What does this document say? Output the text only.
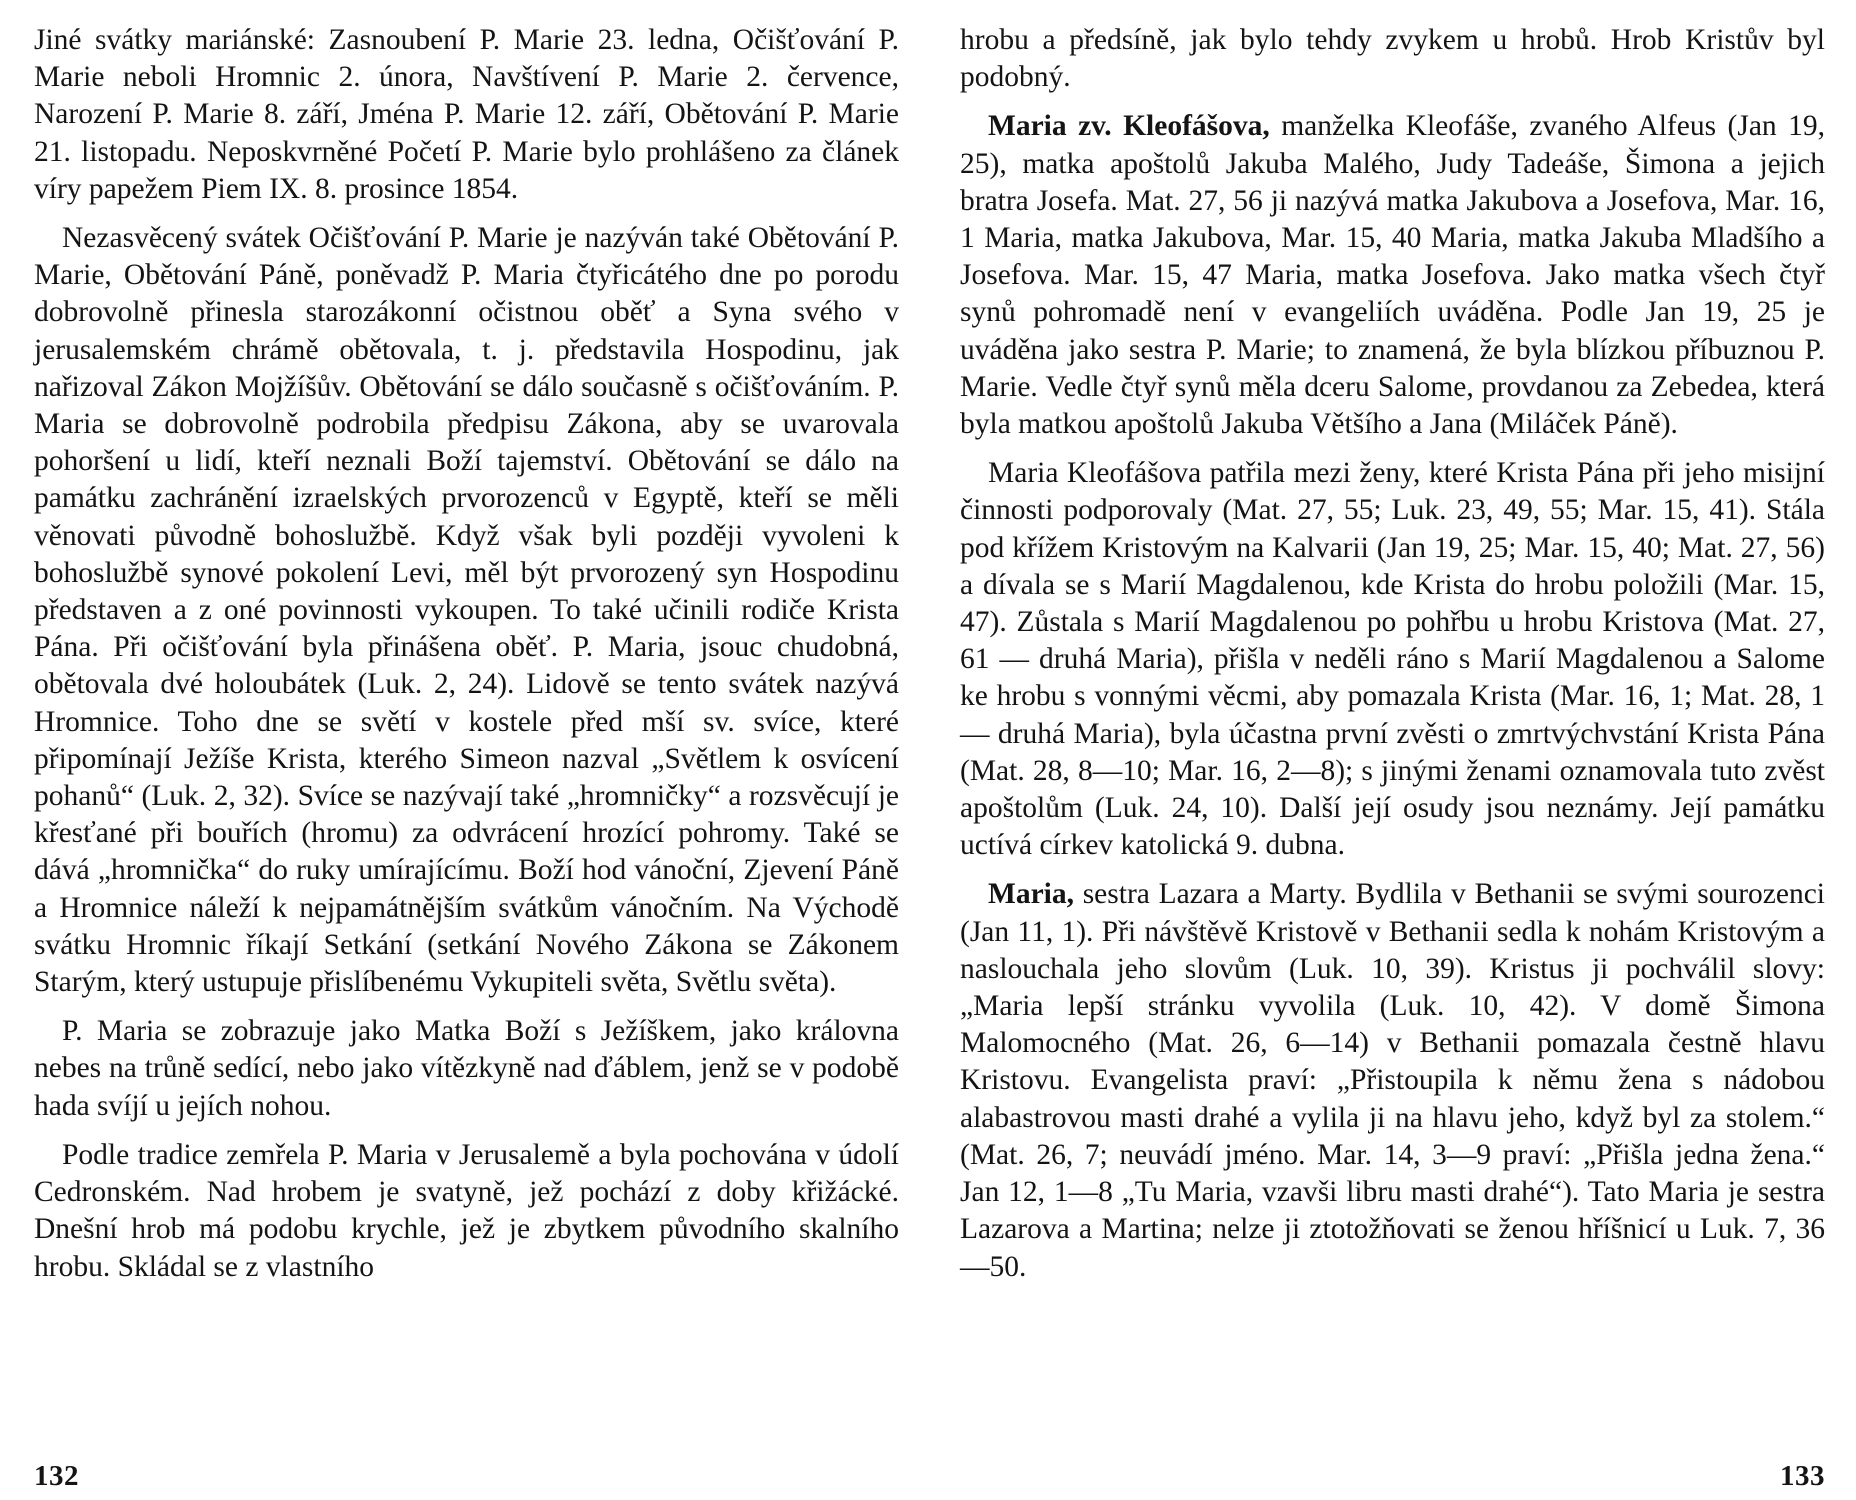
Jiné svátky mariánské: Zasnoubení P. Marie 23. ledna, Očišťování P. Marie neboli Hromnic 2. února, Navštívení P. Marie 2. července, Narození P. Marie 8. září, Jména P. Marie 12. září, Obětování P. Marie 21. listopadu. Neposkvrněné Početí P. Marie bylo prohlášeno za článek víry papežem Piem IX. 8. prosince 1854.

Nezasvěcený svátek Očišťování P. Marie je nazýván také Obětování P. Marie, Obětování Páně, poněvadž P. Maria čtyřicátého dne po porodu dobrovolně přinesla starozákonní očistnou oběť a Syna svého v jerusalemském chrámě obětovala, t. j. představila Hospodinu, jak nařizoval Zákon Mojžíšův. Obětování se dálo současně s očišťováním. P. Maria se dobrovolně podrobila předpisu Zákona, aby se uvarovala pohoršení u lidí, kteří neznali Boží tajemství. Obětování se dálo na památku zachránění izraelských prvorozenců v Egyptě, kteří se měli věnovati původně bohoslužbě. Když však byli později vyvoleni k bohoslužbě synové pokolení Levi, měl být prvorozený syn Hospodinu představen a z oné povinnosti vykoupen. To také učinili rodiče Krista Pána. Při očišťování byla přinášena oběť. P. Maria, jsouc chudobná, obětovala dvé holoubátek (Luk. 2, 24). Lidově se tento svátek nazývá Hromnice. Toho dne se světí v kostele před mší sv. svíce, které připomínají Ježíše Krista, kterého Simeon nazval „Světlem k osvícení pohanů“ (Luk. 2, 32). Svíce se nazývají také „hromničky“ a rozsvěcují je křesťané při bouřích (hromu) za odvrácení hrozící pohromy. Také se dává „hromnička“ do ruky umírajícímu. Boží hod vánoční, Zjevení Páně a Hromnice náleží k nejpamátnějším svátkům vánočním. Na Východě svátku Hromnic říkají Setkání (setkání Nového Zákona se Zákonem Starým, který ustupuje přislíbenému Vykupiteli světa, Světlu světa).

P. Maria se zobrazuje jako Matka Boží s Ježíškem, jako královna nebes na trůně sedící, nebo jako vítězkyně nad ďáblem, jenž se v podobě hada svíjí u jejích nohou.

Podle tradice zemřela P. Maria v Jerusalemě a byla pochována v údolí Cedronském. Nad hrobem je svatyně, jež pochází z doby křižácké. Dnešní hrob má podobu krychle, jež je zbytkem původního skalního hrobu. Skládal se z vlastního

132

hrobu a předsíně, jak bylo tehdy zvykem u hrobů. Hrob Kristův byl podobný.

Maria zv. Kleofášova, manželka Kleofáše, zvaného Alfeus (Jan 19, 25), matka apoštolů Jakuba Malého, Judy Tadeáše, Šimona a jejich bratra Josefa. Mat. 27, 56 ji nazývá matka Jakubova a Josefova, Mar. 16, 1 Maria, matka Jakubova, Mar. 15, 40 Maria, matka Jakuba Mladšího a Josefova. Mar. 15, 47 Maria, matka Josefova. Jako matka všech čtyř synů pohromadě není v evangeliích uváděna. Podle Jan 19, 25 je uváděna jako sestra P. Marie; to znamená, že byla blízkou příbuznou P. Marie. Vedle čtyř synů měla dceru Salome, provdanou za Zebedea, která byla matkou apoštolů Jakuba Většího a Jana (Miláček Páně).

Maria Kleofášova patřila mezi ženy, které Krista Pána při jeho misijní činnosti podporovaly (Mat. 27, 55; Luk. 23, 49, 55; Mar. 15, 41). Stála pod křížem Kristovým na Kalvarii (Jan 19, 25; Mar. 15, 40; Mat. 27, 56) a dívala se s Marií Magdalenou, kde Krista do hrobu položili (Mar. 15, 47). Zůstala s Marií Magdalenou po pohřbu u hrobu Kristova (Mat. 27, 61 — druhá Maria), přišla v neděli ráno s Marií Magdalenou a Salome ke hrobu s vonnými věcmi, aby pomazala Krista (Mar. 16, 1; Mat. 28, 1 — druhá Maria), byla účastna první zvěsti o zmrtvýchvstání Krista Pána (Mat. 28, 8—10; Mar. 16, 2—8); s jinými ženami oznamovala tuto zvěst apoštolům (Luk. 24, 10). Další její osudy jsou neznámy. Její památku uctívá církev katolická 9. dubna.

Maria, sestra Lazara a Marty. Bydlila v Bethanii se svými sourozenci (Jan 11, 1). Při návštěvě Kristově v Bethanii sedla k nohám Kristovým a naslouchala jeho slovům (Luk. 10, 39). Kristus ji pochválil slovy: „Maria lepší stránku vyvolila (Luk. 10, 42). V domě Šimona Malomocného (Mat. 26, 6—14) v Bethanii pomazala čestně hlavu Kristovu. Evangelista praví: „Přistoupila k němu žena s nádobou alabastrovou masti drahé a vylila ji na hlavu jeho, když byl za stolem.“ (Mat. 26, 7; neuvádí jméno. Mar. 14, 3—9 praví: „Přišla jedna žena.“ Jan 12, 1—8 „Tu Maria, vzavši libru masti drahé“). Tato Maria je sestra Lazarova a Martina; nelze ji ztotožňovati se ženou hříšnicí u Luk. 7, 36—50.

133
